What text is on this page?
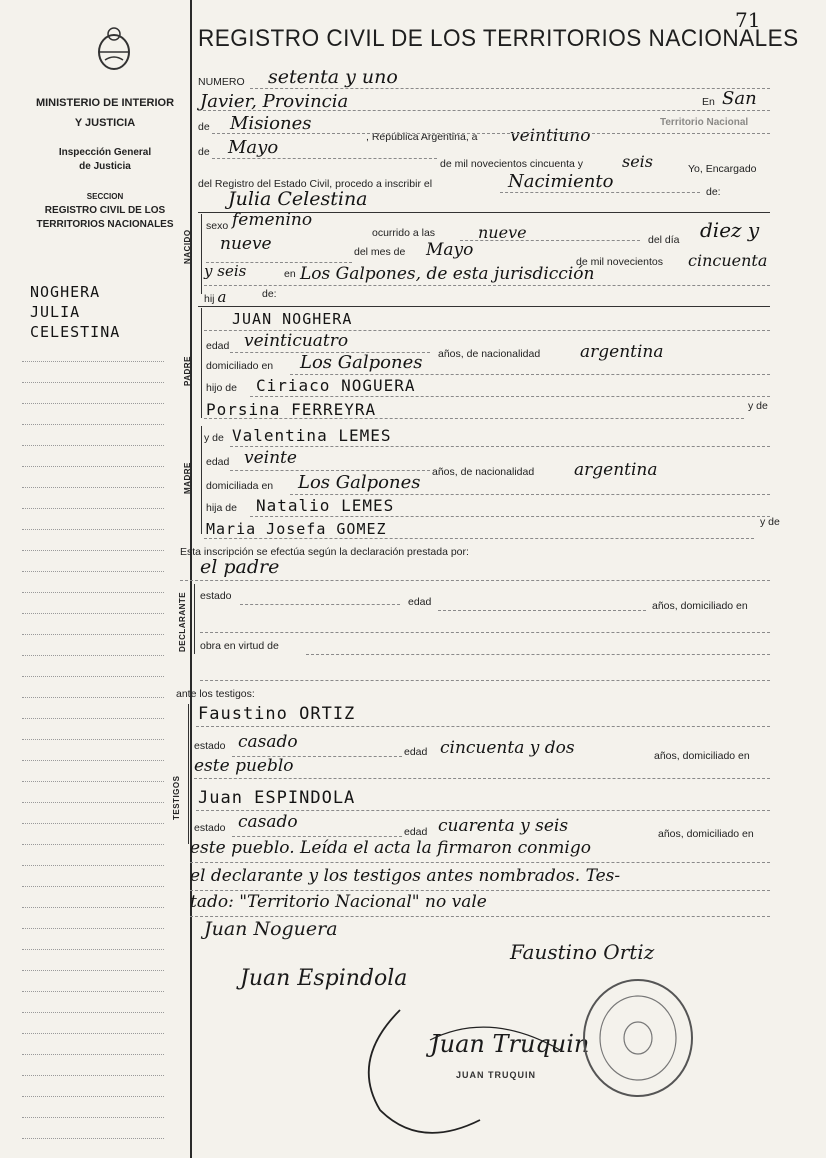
71
MINISTERIO DE INTERIOR
Y JUSTICIA
Inspección General
de Justicia
SECCION
REGISTRO CIVIL DE LOS
TERRITORIOS NACIONALES
NOGHERA
JULIA
CELESTINA
REGISTRO CIVIL DE LOS TERRITORIOS NACIONALES
NUMERO setenta y uno
Javier, Provincia	En San
de Misiones
, República Argentina, a veintiuno
Territorio Nacional
de Mayo
de mil novecientos cincuenta y seis	Yo, Encargado
del Registro del Estado Civil, procedo a inscribir el	Nacimiento	de:
Julia Celestina
NACIDO
sexo femenino
ocurrido a las	nueve	del día diez y
nueve	del mes de Mayo
de mil novecientos cincuenta
y seis	en Los Galpones, de esta jurisdicción
hij a	de:
PADRE
JUAN NOGHERA
edad veinticuatro
años, de nacionalidad argentina
domiciliado en Los Galpones
hijo de Ciriaco NOGUERA
Porsina FERREYRA	y de
MADRE
y de Valentina LEMES
edad veinte
años, de nacionalidad argentina
domiciliada en Los Galpones
hija de Natalio LEMES
Maria Josefa GOMEZ	y de
Esta inscripción se efectúa según la declaración prestada por:
el padre
DECLARANTE estado	edad	años, domiciliado en
obra en virtud de
ante los testigos:
TESTIGOS
Faustino ORTIZ
estado casado	edad cincuenta y dos	años, domiciliado en
este pueblo
Juan ESPINDOLA
estado casado	edad cuarenta y seis	años, domiciliado en
este pueblo. Leída el acta la firmaron conmigo
el declarante y los testigos antes nombrados. Tes-
tado: "Territorio Nacional" no vale
Juan Noguera
Faustino Ortiz
Juan Espindola
Juan Truquin
JUAN TRUQUIN
